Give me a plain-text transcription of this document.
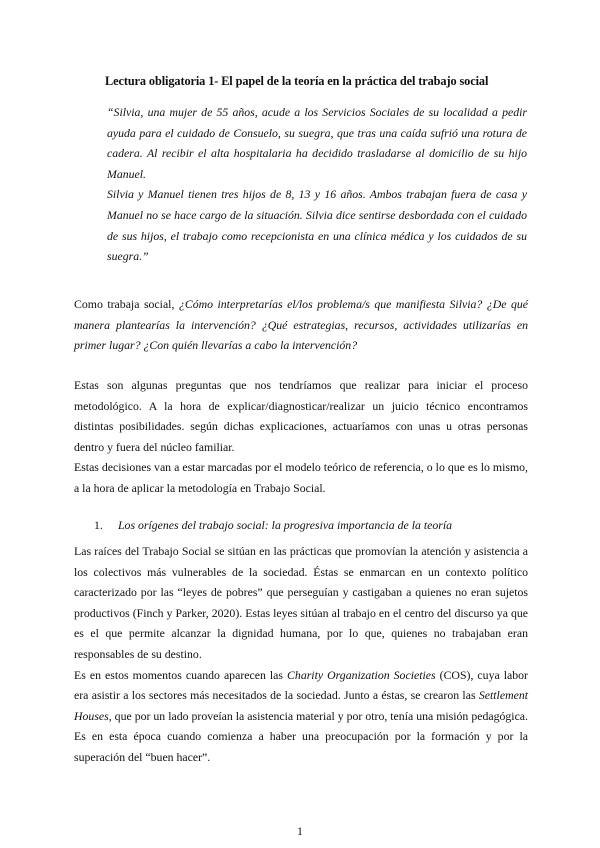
Lectura obligatoria 1- El papel de la teoría en la práctica del trabajo social

“Silvia, una mujer de 55 años, acude a los Servicios Sociales de su localidad a pedir ayuda para el cuidado de Consuelo, su suegra, que tras una caída sufrió una rotura de cadera. Al recibir el alta hospitalaria ha decidido trasladarse al domicilio de su hijo Manuel.

Silvia y Manuel tienen tres hijos de 8, 13 y 16 años. Ambos trabajan fuera de casa y Manuel no se hace cargo de la situación. Silvia dice sentirse desbordada con el cuidado de sus hijos, el trabajo como recepcionista en una clínica médica y los cuidados de su suegra.”

Como trabaja social, ¿Cómo interpretarías el/los problema/s que manifiesta Silvia? ¿De qué manera plantearías la intervención? ¿Qué estrategias, recursos, actividades utilizarías en primer lugar? ¿Con quién llevarías a cabo la intervención?

Estas son algunas preguntas que nos tendríamos que realizar para iniciar el proceso metodológico. A la hora de explicar/diagnosticar/realizar un juicio técnico encontramos distintas posibilidades. según dichas explicaciones, actuaríamos con unas u otras personas dentro y fuera del núcleo familiar.

Estas decisiones van a estar marcadas por el modelo teórico de referencia, o lo que es lo mismo, a la hora de aplicar la metodología en Trabajo Social.

1. Los orígenes del trabajo social: la progresiva importancia de la teoría

Las raíces del Trabajo Social se sitúan en las prácticas que promovían la atención y asistencia a los colectivos más vulnerables de la sociedad. Éstas se enmarcan en un contexto político caracterizado por las “leyes de pobres” que perseguían y castigaban a quienes no eran sujetos productivos (Finch y Parker, 2020). Estas leyes sitúan al trabajo en el centro del discurso ya que es el que permite alcanzar la dignidad humana, por lo que, quienes no trabajaban eran responsables de su destino.

Es en estos momentos cuando aparecen las Charity Organization Societies (COS), cuya labor era asistir a los sectores más necesitados de la sociedad. Junto a éstas, se crearon las Settlement Houses, que por un lado proveían la asistencia material y por otro, tenía una misión pedagógica. Es en esta época cuando comienza a haber una preocupación por la formación y por la superación del “buen hacer”.

1
